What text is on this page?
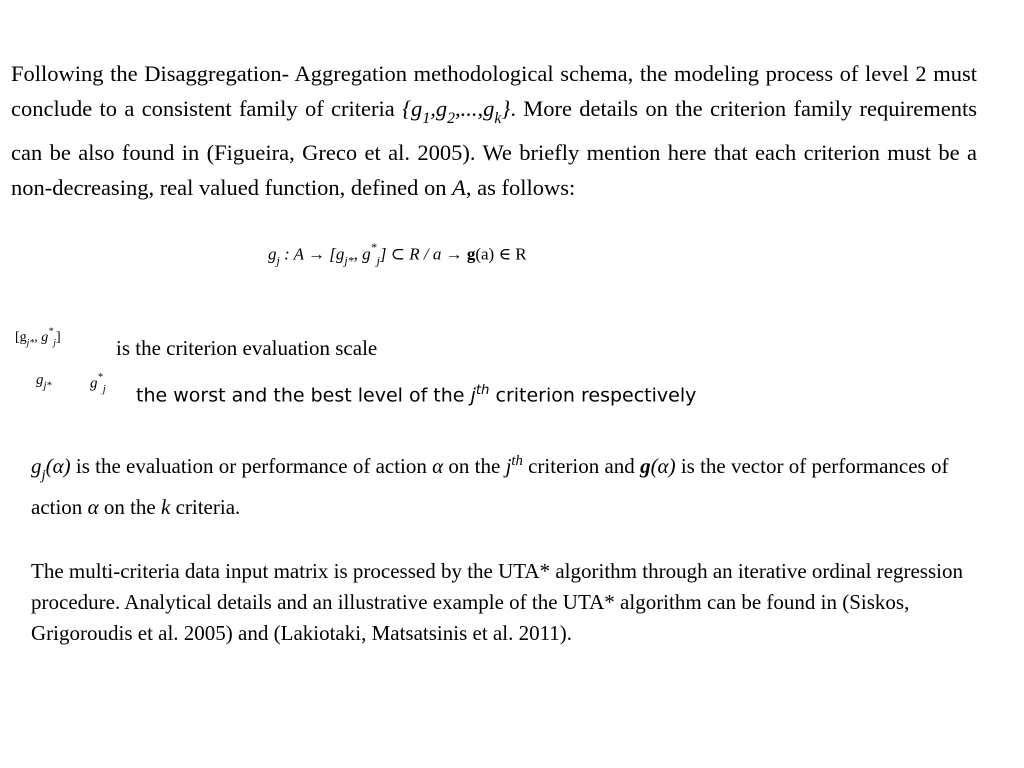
Following the Disaggregation- Aggregation methodological schema, the modeling process of level 2 must conclude to a consistent family of criteria $\{g_1,g_2,...,g_k\}$. More details on the criterion family requirements can be also found in (Figueira, Greco et al. 2005). We briefly mention here that each criterion must be a non-decreasing, real valued function, defined on A, as follows:
$g_j$ : $A \to [g_{j*}$, $g^*_j$] ⊂ R / a → g(a) ∈ R
[$g_{j*}$, $g^*_j$]	is the criterion evaluation scale
$g_{j*}$	$g^*_j$ the worst and the best level of the $j^{th}$ criterion respectively
$g_j(\alpha)$ is the evaluation or performance of action α on the $j^{th}$ criterion and g(α) is the vector of performances of action α on the k criteria.
The multi-criteria data input matrix is processed by the UTA* algorithm through an iterative ordinal regression procedure. Analytical details and an illustrative example of the UTA* algorithm can be found in (Siskos, Grigoroudis et al. 2005) and (Lakiotaki, Matsatsinis et al. 2011).
